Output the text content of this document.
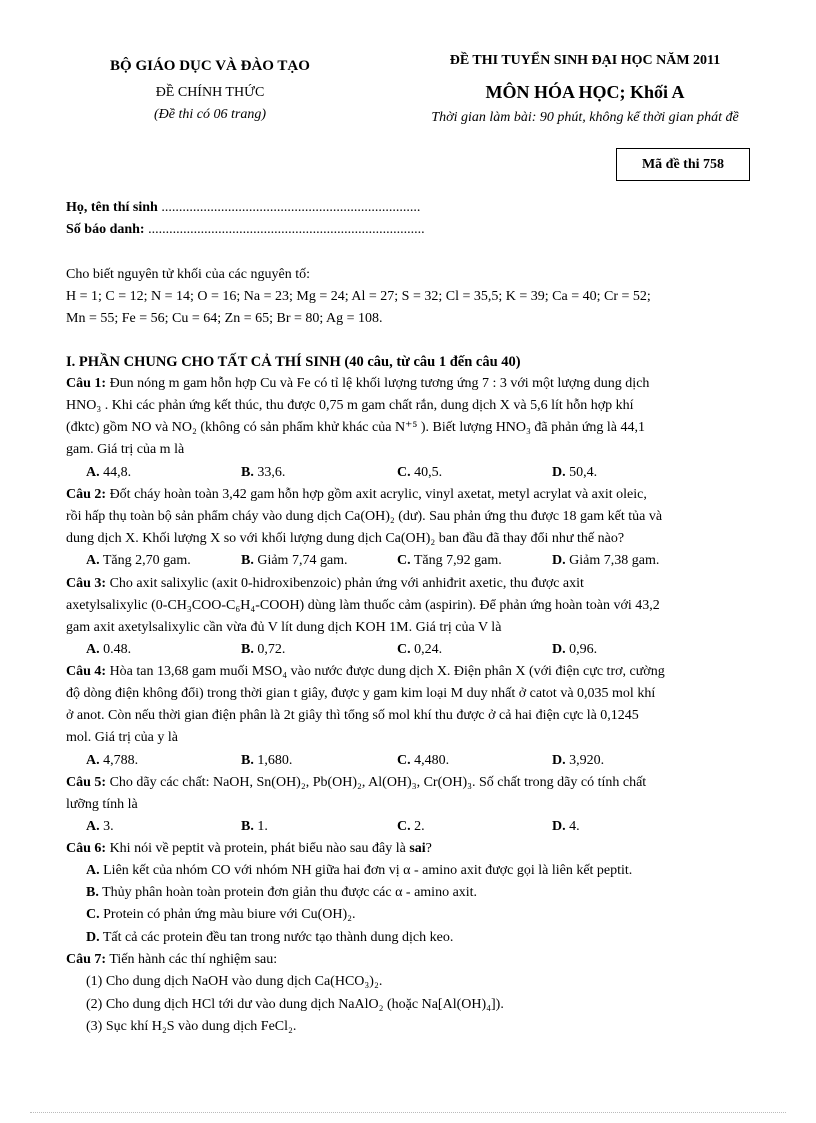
BỘ GIÁO DỤC VÀ ĐÀO TẠO
ĐỀ CHÍNH THỨC
(Đề thi có 06 trang)
ĐỀ THI TUYỂN SINH ĐẠI HỌC NĂM 2011
MÔN HÓA HỌC; Khối A
Thời gian làm bài: 90 phút, không kể thời gian phát đề
Mã đề thi 758
Họ, tên thí sinh ..........................................................................
Số báo danh: ...............................................................................
Cho biết nguyên tử khối của các nguyên tố:
H = 1; C = 12; N = 14; O = 16; Na = 23; Mg = 24; Al = 27; S = 32; Cl = 35,5; K = 39; Ca = 40; Cr = 52;
Mn = 55; Fe = 56; Cu = 64; Zn = 65; Br = 80; Ag = 108.
I. PHẦN CHUNG CHO TẤT CẢ THÍ SINH (40 câu, từ câu 1 đến câu 40)
Câu 1: Đun nóng m gam hỗn hợp Cu và Fe có tỉ lệ khối lượng tương ứng 7 : 3 với một lượng dung dịch
HNO₃ . Khi các phản ứng kết thúc, thu được 0,75 m gam chất rắn, dung dịch X và 5,6 lít hỗn hợp khí
(đktc) gồm NO và NO₂ (không có sản phẩm khử khác của N⁺⁵ ). Biết lượng HNO₃ đã phản ứng là 44,1
gam. Giá trị của m là
A. 44,8.	B. 33,6.	C. 40,5.	D. 50,4.
Câu 2: Đốt cháy hoàn toàn 3,42 gam hỗn hợp gồm axit acrylic, vinyl axetat, metyl acrylat và axit oleic,
rồi hấp thụ toàn bộ sản phẩm cháy vào dung dịch Ca(OH)₂ (dư). Sau phản ứng thu được 18 gam kết tủa và
dung dịch X. Khối lượng X so với khối lượng dung dịch Ca(OH)₂ ban đầu đã thay đổi như thế nào?
A. Tăng 2,70 gam.	B. Giảm 7,74 gam.	C. Tăng 7,92 gam.	D. Giảm 7,38 gam.
Câu 3: Cho axit salixylic (axit 0-hidroxibenzoic) phản ứng với anhiđrit axetic, thu được axit
axetylsalixylic (0-CH₃COO-C₆H₄-COOH) dùng làm thuốc cảm (aspirin). Để phản ứng hoàn toàn với 43,2
gam axit axetylsalixylic cần vừa đủ V lít dung dịch KOH 1M. Giá trị của V là
A. 0.48.	B. 0,72.	C. 0,24.	D. 0,96.
Câu 4: Hòa tan 13,68 gam muối MSO₄ vào nước được dung dịch X. Điện phân X (với điện cực trơ, cường
độ dòng điện không đổi) trong thời gian t giây, được y gam kim loại M duy nhất ở catot và 0,035 mol khí
ở anot. Còn nếu thời gian điện phân là 2t giây thì tổng số mol khí thu được ở cả hai điện cực là 0,1245
mol. Giá trị của y là
A. 4,788.	B. 1,680.	C. 4,480.	D. 3,920.
Câu 5: Cho dãy các chất: NaOH, Sn(OH)₂, Pb(OH)₂, Al(OH)₃, Cr(OH)₃. Số chất trong dãy có tính chất
lưỡng tính là
A. 3.	B. 1.	C. 2.	D. 4.
Câu 6: Khi nói về peptit và protein, phát biểu nào sau đây là sai?
A. Liên kết của nhóm CO với nhóm NH giữa hai đơn vị α - amino axit được gọi là liên kết peptit.
B. Thủy phân hoàn toàn protein đơn giản thu được các α - amino axit.
C. Protein có phản ứng màu biure với Cu(OH)₂.
D. Tất cả các protein đều tan trong nước tạo thành dung dịch keo.
Câu 7: Tiến hành các thí nghiệm sau:
(1) Cho dung dịch NaOH vào dung dịch Ca(HCO₃)₂.
(2) Cho dung dịch HCl tới dư vào dung dịch NaAlO₂ (hoặc Na[Al(OH)₄]).
(3) Sục khí H₂S vào dung dịch FeCl₂.
